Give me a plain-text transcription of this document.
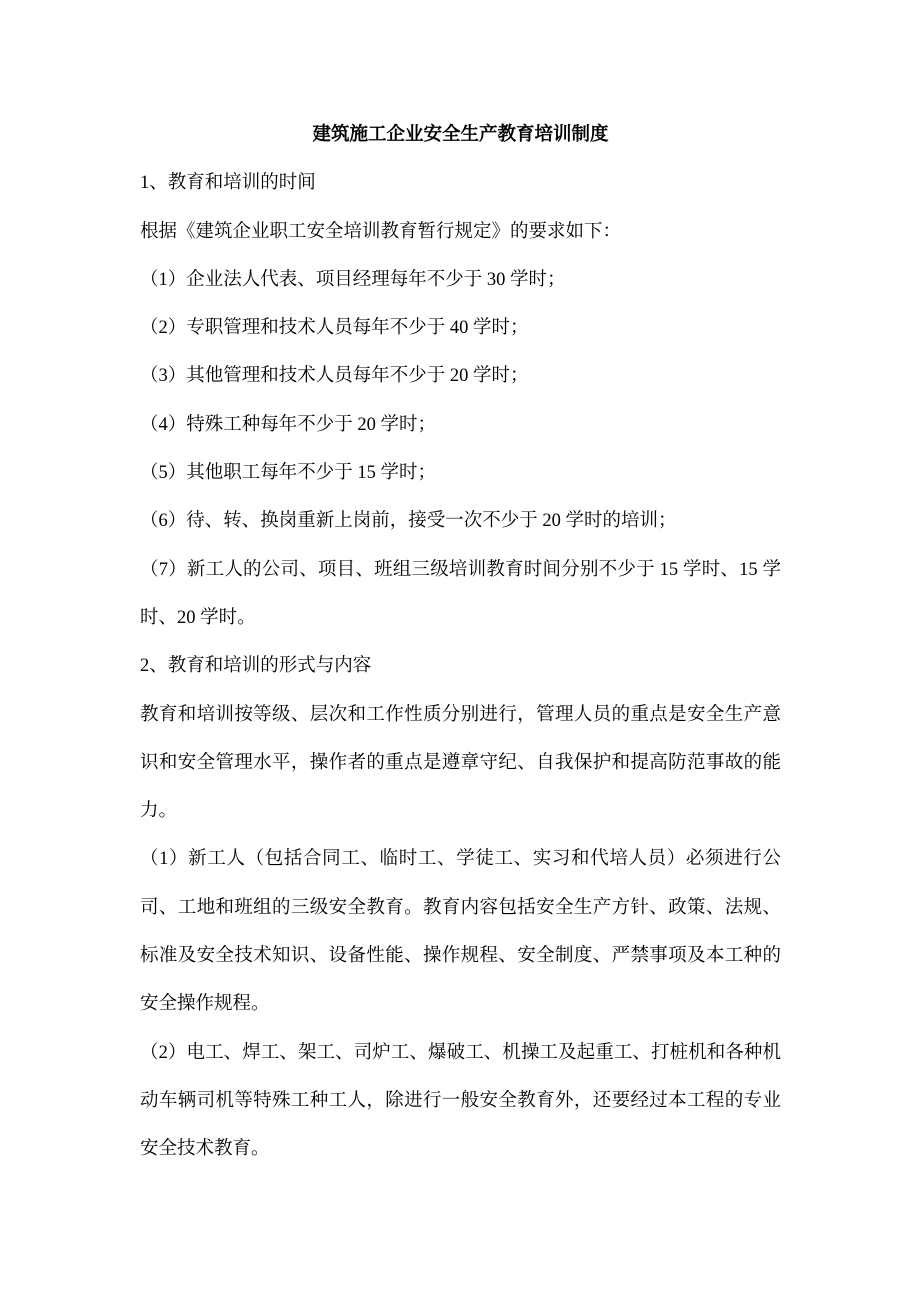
建筑施工企业安全生产教育培训制度

1、教育和培训的时间

根据《建筑企业职工安全培训教育暂行规定》的要求如下：

（1）企业法人代表、项目经理每年不少于 30 学时；

（2）专职管理和技术人员每年不少于 40 学时；

（3）其他管理和技术人员每年不少于 20 学时；

（4）特殊工种每年不少于 20 学时；

（5）其他职工每年不少于 15 学时；

（6）待、转、换岗重新上岗前，接受一次不少于 20 学时的培训；

（7）新工人的公司、项目、班组三级培训教育时间分别不少于 15 学时、15 学时、20 学时。

2、教育和培训的形式与内容

教育和培训按等级、层次和工作性质分别进行，管理人员的重点是安全生产意识和安全管理水平，操作者的重点是遵章守纪、自我保护和提高防范事故的能力。

（1）新工人（包括合同工、临时工、学徒工、实习和代培人员）必须进行公司、工地和班组的三级安全教育。教育内容包括安全生产方针、政策、法规、标准及安全技术知识、设备性能、操作规程、安全制度、严禁事项及本工种的安全操作规程。

（2）电工、焊工、架工、司炉工、爆破工、机操工及起重工、打桩机和各种机动车辆司机等特殊工种工人，除进行一般安全教育外，还要经过本工程的专业安全技术教育。
